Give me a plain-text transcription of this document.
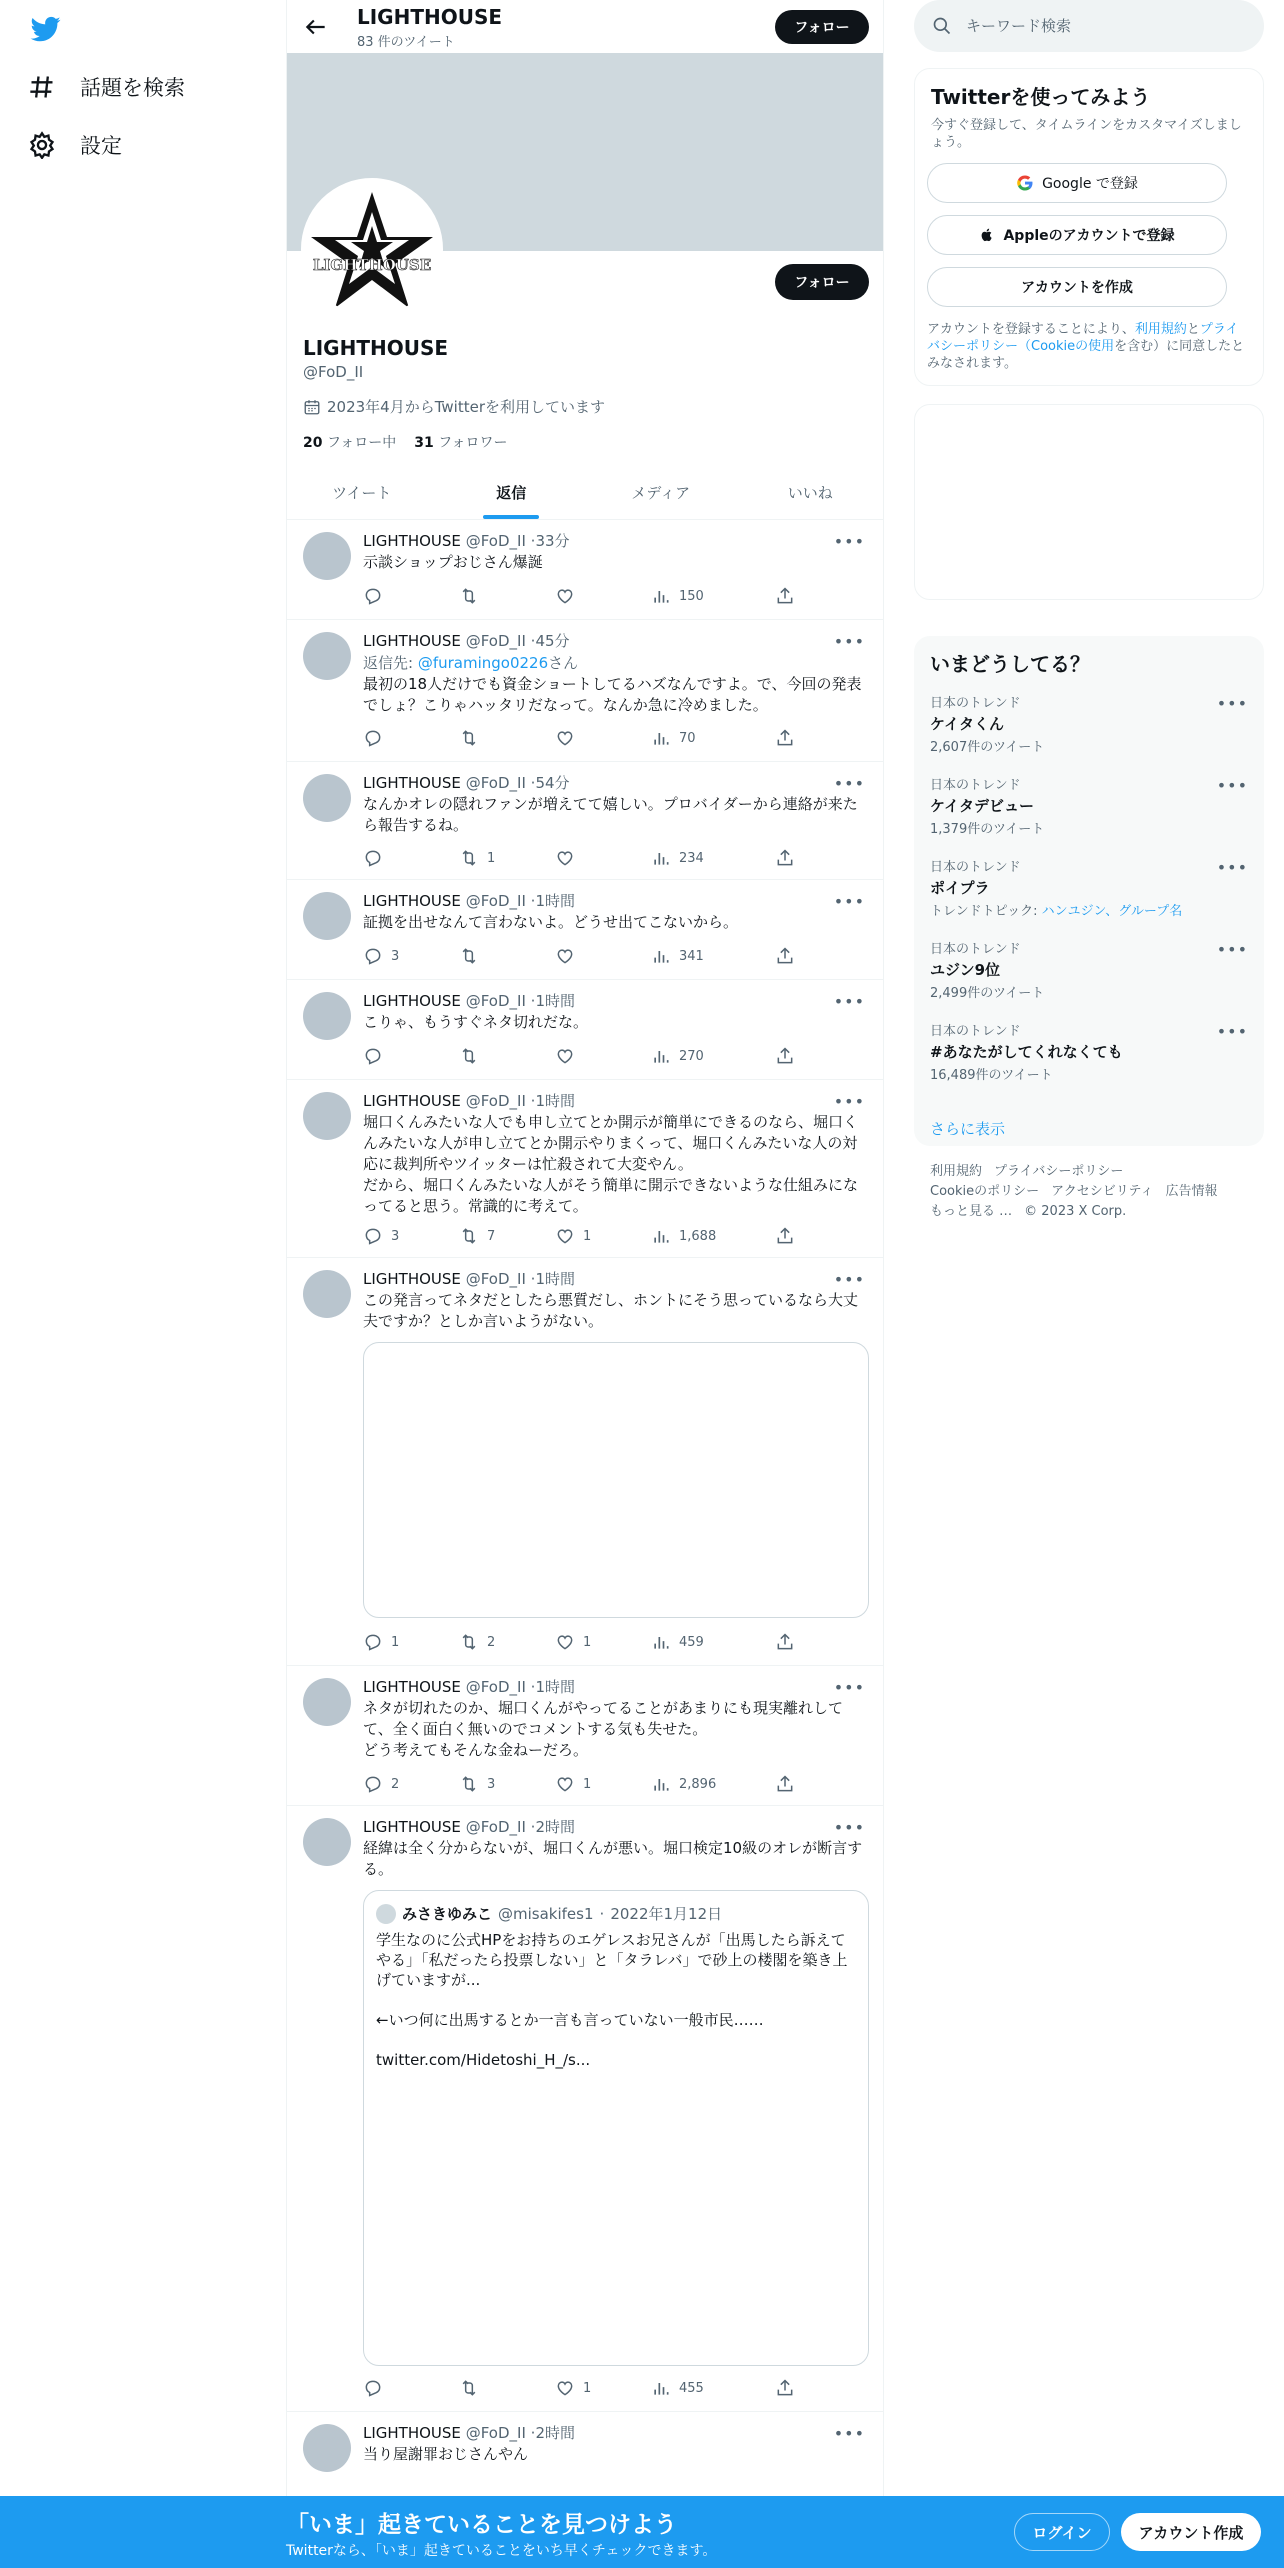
話題を検索
設定
LIGHTHOUSE
83 件のツイート
フォロー
LIGHTHOUSE
フォロー
LIGHTHOUSE
@FoD_II
2023年4月からTwitterを利用しています
20 フォロー中 31 フォロワー
ツイート	返信	メディア	いいね
LIGHTHOUSE @FoD_II ·33分	•••
示談ショップおじさん爆誕
150
LIGHTHOUSE @FoD_II ·45分	•••
返信先: @furamingo0226さん
最初の18人だけでも資金ショートしてるハズなんですよ。で、今回の発表でしょ？こりゃハッタリだなって。なんか急に冷めました。
70
LIGHTHOUSE @FoD_II ·54分	•••
なんかオレの隠れファンが増えてて嬉しい。プロバイダーから連絡が来たら報告するね。
1	234
LIGHTHOUSE @FoD_II ·1時間	•••
証拠を出せなんて言わないよ。どうせ出てこないから。
3	341
LIGHTHOUSE @FoD_II ·1時間	•••
こりゃ、もうすぐネタ切れだな。
270
LIGHTHOUSE @FoD_II ·1時間	•••
堀口くんみたいな人でも申し立てとか開示が簡単にできるのなら、堀口くんみたいな人が申し立てとか開示やりまくって、堀口くんみたいな人の対応に裁判所やツイッターは忙殺されて大変やん。
だから、堀口くんみたいな人がそう簡単に開示できないような仕組みになってると思う。常識的に考えて。
3	7	1	1,688
LIGHTHOUSE @FoD_II ·1時間	•••
この発言ってネタだとしたら悪質だし、ホントにそう思っているなら大丈夫ですか？としか言いようがない。
1	2	1	459
LIGHTHOUSE @FoD_II ·1時間	•••
ネタが切れたのか、堀口くんがやってることがあまりにも現実離れしてて、全く面白く無いのでコメントする気も失せた。
どう考えてもそんな金ねーだろ。
2	3	1	2,896
LIGHTHOUSE @FoD_II ·2時間	•••
経緯は全く分からないが、堀口くんが悪い。堀口検定10級のオレが断言する。
みさきゆみこ @misakifes1 · 2022年1月12日
学生なのに公式HPをお持ちのエゲレスお兄さんが「出馬したら訴えてやる」「私だったら投票しない」と「タラレバ」で砂上の楼閣を築き上げていますが...

←いつ何に出馬するとか一言も言っていない一般市民……

twitter.com/Hidetoshi_H_/s...
1	455
LIGHTHOUSE @FoD_II ·2時間	•••
当り屋謝罪おじさんやん
キーワード検索
Twitterを使ってみよう
今すぐ登録して、タイムラインをカスタマイズしましょう。
Google で登録
Appleのアカウントで登録
アカウントを作成
アカウントを登録することにより、利用規約とプライバシーポリシー（Cookieの使用を含む）に同意したとみなされます。
いまどうしてる？
日本のトレンド
ケイタくん
2,607件のツイート
•••
日本のトレンド
ケイタデビュー
1,379件のツイート
•••
日本のトレンド
ポイプラ
トレンドトピック: ハンユジン、グループ名
•••
日本のトレンド
ユジン9位
2,499件のツイート
•••
日本のトレンド
#あなたがしてくれなくても
16,489件のツイート
•••
さらに表示
利用規約 プライバシーポリシー
Cookieのポリシー アクセシビリティ 広告情報
もっと見る … © 2023 X Corp.
「いま」起きていることを見つけよう
Twitterなら、「いま」起きていることをいち早くチェックできます。
ログイン	アカウント作成
